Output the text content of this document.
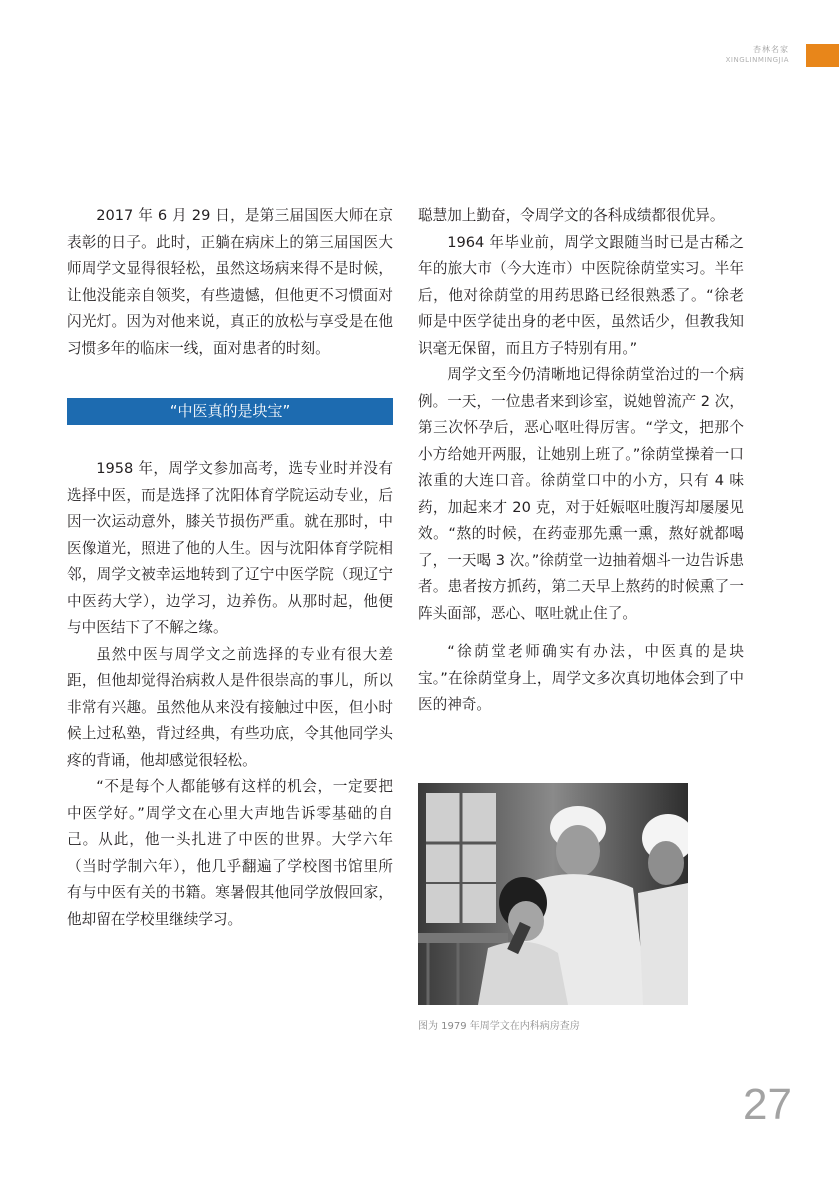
杏林名家
XINGLINMINGJIA

2017 年 6 月 29 日，是第三届国医大师在京表彰的日子。此时，正躺在病床上的第三届国医大师周学文显得很轻松，虽然这场病来得不是时候，让他没能亲自领奖，有些遗憾，但他更不习惯面对闪光灯。因为对他来说，真正的放松与享受是在他习惯多年的临床一线，面对患者的时刻。

“中医真的是块宝”

1958 年，周学文参加高考，选专业时并没有选择中医，而是选择了沈阳体育学院运动专业，后因一次运动意外，膝关节损伤严重。就在那时，中医像道光，照进了他的人生。因与沈阳体育学院相邻，周学文被幸运地转到了辽宁中医学院（现辽宁中医药大学），边学习，边养伤。从那时起，他便与中医结下了不解之缘。

虽然中医与周学文之前选择的专业有很大差距，但他却觉得治病救人是件很崇高的事儿，所以非常有兴趣。虽然他从来没有接触过中医，但小时候上过私塾，背过经典，有些功底，令其他同学头疼的背诵，他却感觉很轻松。

“不是每个人都能够有这样的机会，一定要把中医学好。”周学文在心里大声地告诉零基础的自己。从此，他一头扎进了中医的世界。大学六年（当时学制六年），他几乎翻遍了学校图书馆里所有与中医有关的书籍。寒暑假其他同学放假回家，他却留在学校里继续学习。

聪慧加上勤奋，令周学文的各科成绩都很优异。

1964 年毕业前，周学文跟随当时已是古稀之年的旅大市（今大连市）中医院徐荫堂实习。半年后，他对徐荫堂的用药思路已经很熟悉了。“徐老师是中医学徒出身的老中医，虽然话少，但教我知识毫无保留，而且方子特别有用。”

周学文至今仍清晰地记得徐荫堂治过的一个病例。一天，一位患者来到诊室，说她曾流产 2 次，第三次怀孕后，恶心呕吐得厉害。“学文，把那个小方给她开两服，让她别上班了。”徐荫堂操着一口浓重的大连口音。徐荫堂口中的小方，只有 4 味药，加起来才 20 克，对于妊娠呕吐腹泻却屡屡见效。“熬的时候，在药壶那先熏一熏，熬好就都喝了，一天喝 3 次。”徐荫堂一边抽着烟斗一边告诉患者。患者按方抓药，第二天早上熬药的时候熏了一阵头面部，恶心、呕吐就止住了。

“徐荫堂老师确实有办法，中医真的是块宝。”在徐荫堂身上，周学文多次真切地体会到了中医的神奇。

图为 1979 年周学文在内科病房查房
27
